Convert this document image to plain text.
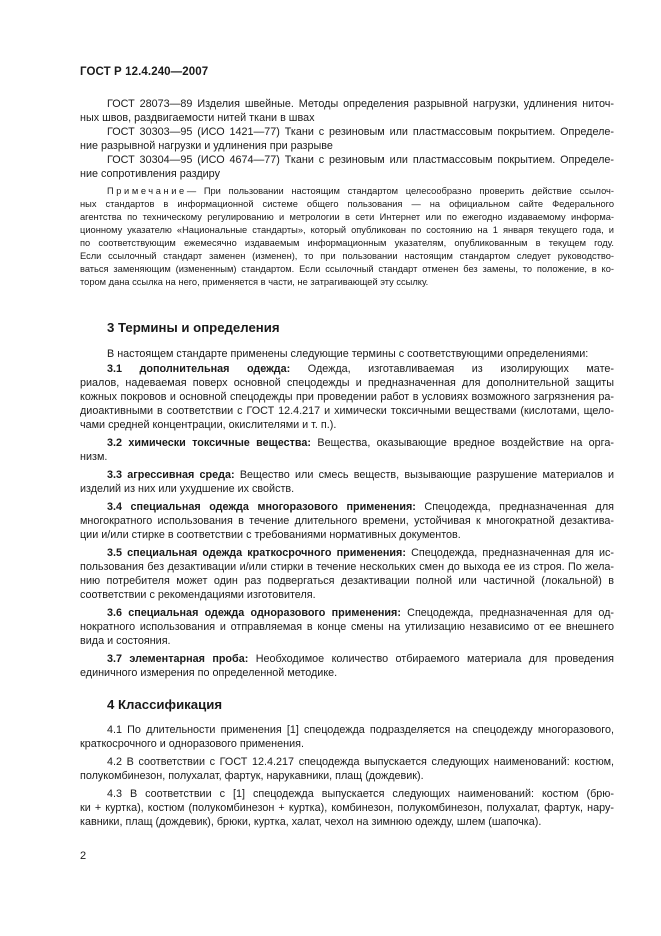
ГОСТ Р 12.4.240—2007
ГОСТ 28073—89 Изделия швейные. Методы определения разрывной нагрузки, удлинения ниточ-
ных швов, раздвигаемости нитей ткани в швах
ГОСТ 30303—95 (ИСО 1421—77) Ткани с резиновым или пластмассовым покрытием. Определе-
ние разрывной нагрузки и удлинения при разрыве
ГОСТ 30304—95 (ИСО 4674—77) Ткани с резиновым или пластмассовым покрытием. Определе-
ние сопротивления раздиру
Примечание— При пользовании настоящим стандартом целесообразно проверить действие ссылоч-
ных стандартов в информационной системе общего пользования — на официальном сайте Федерального
агентства по техническому регулированию и метрологии в сети Интернет или по ежегодно издаваемому информа-
ционному указателю «Национальные стандарты», который опубликован по состоянию на 1 января текущего года, и
по соответствующим ежемесячно издаваемым информационным указателям, опубликованным в текущем году.
Если ссылочный стандарт заменен (изменен), то при пользовании настоящим стандартом следует руководство-
ваться заменяющим (измененным) стандартом. Если ссылочный стандарт отменен без замены, то положение, в ко-
тором дана ссылка на него, применяется в части, не затрагивающей эту ссылку.
3 Термины и определения
В настоящем стандарте применены следующие термины с соответствующими определениями:
3.1 дополнительная одежда: Одежда, изготавливаемая из изолирующих мате-
риалов, надеваемая поверх основной спецодежды и предназначенная для дополнительной защиты
кожных покровов и основной спецодежды при проведении работ в условиях возможного загрязнения ра-
диоактивными в соответствии с ГОСТ 12.4.217 и химически токсичными веществами (кислотами, щело-
чами средней концентрации, окислителями и т. п.).
3.2 химически токсичные вещества: Вещества, оказывающие вредное воздействие на орга-
низм.
3.3 агрессивная среда: Вещество или смесь веществ, вызывающие разрушение материалов и
изделий из них или ухудшение их свойств.
3.4 специальная одежда многоразового применения: Спецодежда, предназначенная для
многократного использования в течение длительного времени, устойчивая к многократной дезактива-
ции и/или стирке в соответствии с требованиями нормативных документов.
3.5 специальная одежда краткосрочного применения: Спецодежда, предназначенная для ис-
пользования без дезактивации и/или стирки в течение нескольких смен до выхода ее из строя. По жела-
нию потребителя может один раз подвергаться дезактивации полной или частичной (локальной) в
соответствии с рекомендациями изготовителя.
3.6 специальная одежда одноразового применения: Спецодежда, предназначенная для од-
нократного использования и отправляемая в конце смены на утилизацию независимо от ее внешнего
вида и состояния.
3.7 элементарная проба: Необходимое количество отбираемого материала для проведения
единичного измерения по определенной методике.
4 Классификация
4.1 По длительности применения [1] спецодежда подразделяется на спецодежду многоразового,
краткосрочного и одноразового применения.
4.2 В соответствии с ГОСТ 12.4.217 спецодежда выпускается следующих наименований: костюм,
полукомбинезон, полухалат, фартук, нарукавники, плащ (дождевик).
4.3 В соответствии с [1] спецодежда выпускается следующих наименований: костюм (брю-
ки + куртка), костюм (полукомбинезон + куртка), комбинезон, полукомбинезон, полухалат, фартук, нару-
кавники, плащ (дождевик), брюки, куртка, халат, чехол на зимнюю одежду, шлем (шапочка).
2
